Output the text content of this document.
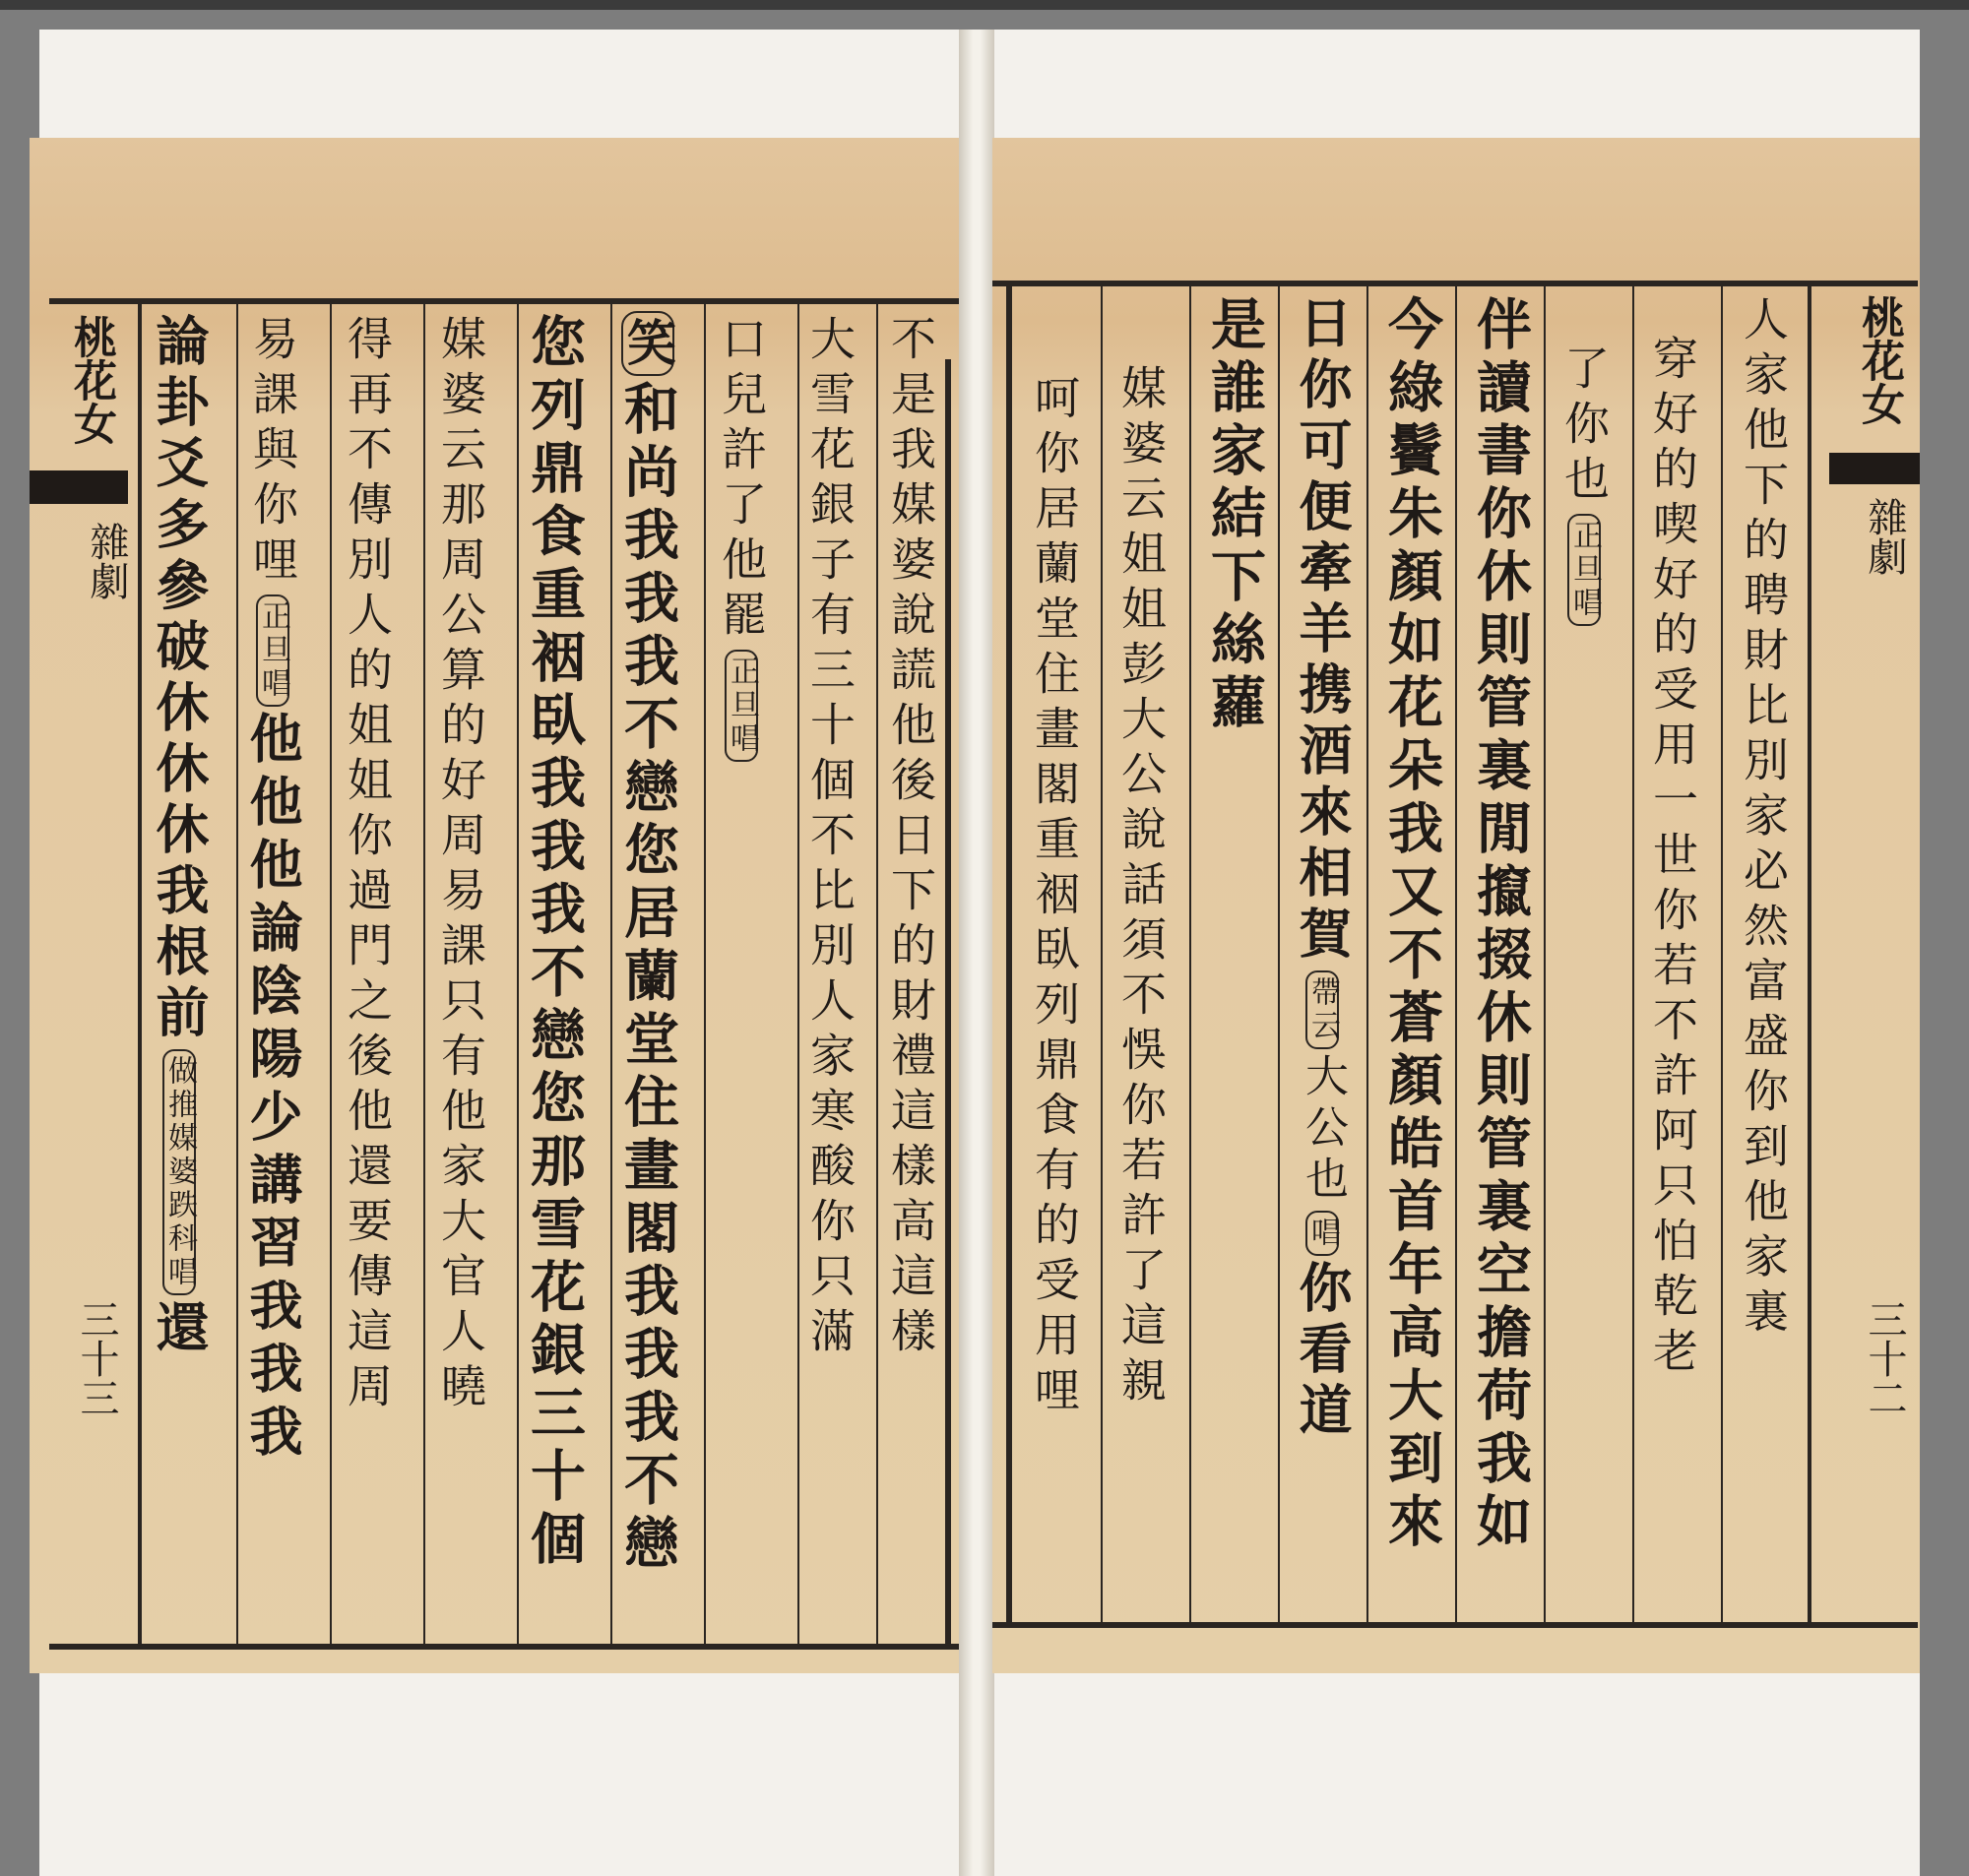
桃花女
雜劇
三十三	不是我媒婆說謊他後日下的財禮這樣高這樣
大雪花銀子有三十個不比別人家寒酸你只滿
口兒許了他罷正旦唱
笑和尚我我我不戀您居蘭堂住畫閣我我我不戀
您列鼎食重裀臥我我我不戀您那雪花銀三十個
媒婆云那周公算的好周易課只有他家大官人曉
得再不傳別人的姐姐你過門之後他還要傳這周
易課與你哩正旦唱他他他論陰陽少講習我我我
論卦爻多參破休休休我根前做推媒婆跌科唱還
桃花女
雜劇
三十二
人家他下的聘財比別家必然富盛你到他家裏
穿好的喫好的受用一世你若不許阿只怕乾老
了你也正旦唱
伴讀書你休則管裏閒攛掇休則管裏空擔荷我如
今綠鬢朱顏如花朵我又不蒼顏皓首年高大到來
日你可便牽羊携酒來相賀帶云大公也唱你看道
是誰家結下絲蘿
媒婆云姐姐彭大公說話須不悞你若許了這親
呵你居蘭堂住畫閣重裀臥列鼎食有的受用哩
